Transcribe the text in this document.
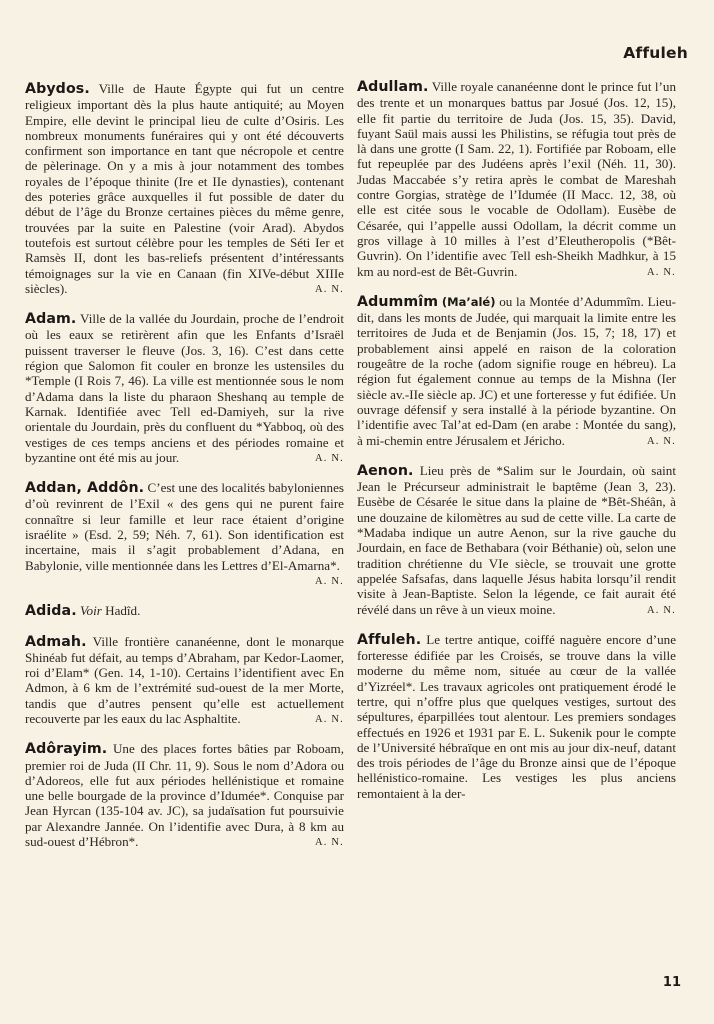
Affuleh
Abydos. Ville de Haute Égypte qui fut un centre religieux important dès la plus haute antiquité; au Moyen Empire, elle devint le principal lieu de culte d’Osiris. Les nombreux monuments funéraires qui y ont été découverts confirment son importance en tant que nécropole et centre de pèlerinage. On y a mis à jour notamment des tombes royales de l’époque thinite (Ire et IIe dynasties), contenant des poteries grâce auxquelles il fut possible de dater du début de l’âge du Bronze certaines pièces du même genre, trouvées par la suite en Palestine (voir Arad). Abydos toutefois est surtout célèbre pour les temples de Séti Ier et Ramsès II, dont les bas-reliefs présentent d’intéressants témoignages sur la vie en Canaan (fin XIVe-début XIIIe siècles).	A. N.
Adam. Ville de la vallée du Jourdain, proche de l’endroit où les eaux se retirèrent afin que les Enfants d’Israël puissent traverser le fleuve (Jos. 3, 16). C’est dans cette région que Salomon fit couler en bronze les ustensiles du *Temple (I Rois 7, 46). La ville est mentionnée sous le nom d’Adama dans la liste du pharaon Sheshanq au temple de Karnak. Identifiée avec Tell ed-Damiyeh, sur la rive orientale du Jourdain, près du confluent du *Yabboq, où des vestiges de ces temps anciens et des périodes romaine et byzantine ont été mis au jour.	A. N.
Addan, Addôn. C’est une des localités babyloniennes d’où revinrent de l’Exil « des gens qui ne purent faire connaître si leur famille et leur race étaient d’origine israélite » (Esd. 2, 59; Néh. 7, 61). Son identification est incertaine, mais il s’agit probablement d’Adana, en Babylonie, ville mentionnée dans les Lettres d’El-Amarna*.
A. N.
Adida. Voir Hadîd.
Admah. Ville frontière cananéenne, dont le monarque Shinéab fut défait, au temps d’Abraham, par Kedor-Laomer, roi d’Elam* (Gen. 14, 1-10). Certains l’identifient avec En Admon, à 6 km de l’extrémité sud-ouest de la mer Morte, tandis que d’autres pensent qu’elle est actuellement recouverte par les eaux du lac Asphaltite.	A. N.
Adôrayim. Une des places fortes bâties par Roboam, premier roi de Juda (II Chr. 11, 9). Sous le nom d’Adora ou d’Adoreos, elle fut aux périodes hellénistique et romaine une belle bourgade de la province d’Idumée*. Conquise par Jean Hyrcan (135-104 av. JC), sa judaïsation fut poursuivie par Alexandre Jannée. On l’identifie avec Dura, à 8 km au sud-ouest d’Hébron*.	A. N.
Adullam. Ville royale cananéenne dont le prince fut l’un des trente et un monarques battus par Josué (Jos. 12, 15), elle fit partie du territoire de Juda (Jos. 15, 35). David, fuyant Saül mais aussi les Philistins, se réfugia tout près de là dans une grotte (I Sam. 22, 1). Fortifiée par Roboam, elle fut repeuplée par des Judéens après l’exil (Néh. 11, 30). Judas Maccabée s’y retira après le combat de Mareshah contre Gorgias, stratège de l’Idumée (II Macc. 12, 38, où elle est citée sous le vocable de Odollam). Eusèbe de Césarée, qui l’appelle aussi Odollam, la décrit comme un gros village à 10 milles à l’est d’Eleutheropolis (*Bêt-Guvrin). On l’identifie avec Tell esh-Sheikh Madhkur, à 15 km au nord-est de Bêt-Guvrin.	A. N.
Adummîm (Ma’alé) ou la Montée d’Adummîm. Lieu-dit, dans les monts de Judée, qui marquait la limite entre les territoires de Juda et de Benjamin (Jos. 15, 7; 18, 17) et probablement ainsi appelé en raison de la coloration rougeâtre de la roche (adom signifie rouge en hébreu). La région fut également connue au temps de la Mishna (Ier siècle av.-IIe siècle ap. JC) et une forteresse y fut édifiée. Un ouvrage défensif y sera installé à la période byzantine. On l’identifie avec Tal’at ed-Dam (en arabe : Montée du sang), à mi-chemin entre Jérusalem et Jéricho.	A. N.
Aenon. Lieu près de *Salim sur le Jourdain, où saint Jean le Précurseur administrait le baptême (Jean 3, 23). Eusèbe de Césarée le situe dans la plaine de *Bêt-Shéân, à une douzaine de kilomètres au sud de cette ville. La carte de *Madaba indique un autre Aenon, sur la rive gauche du Jourdain, en face de Bethabara (voir Béthanie) où, selon une tradition chrétienne du VIe siècle, se trouvait une grotte appelée Safsafas, dans laquelle Jésus habita lorsqu’il rendit visite à Jean-Baptiste. Selon la légende, ce fait aurait été révélé dans un rêve à un vieux moine.	A. N.
Affuleh. Le tertre antique, coiffé naguère encore d’une forteresse édifiée par les Croisés, se trouve dans la ville moderne du même nom, située au cœur de la vallée d’Yizréel*. Les travaux agricoles ont pratiquement érodé le tertre, qui n’offre plus que quelques vestiges, surtout des sépultures, éparpillées tout alentour. Les premiers sondages effectués en 1926 et 1931 par E. L. Sukenik pour le compte de l’Université hébraïque en ont mis au jour dix-neuf, datant des trois périodes de l’âge du Bronze ainsi que de l’époque hellénistico-romaine. Les vestiges les plus anciens remontaient à la der-
11
